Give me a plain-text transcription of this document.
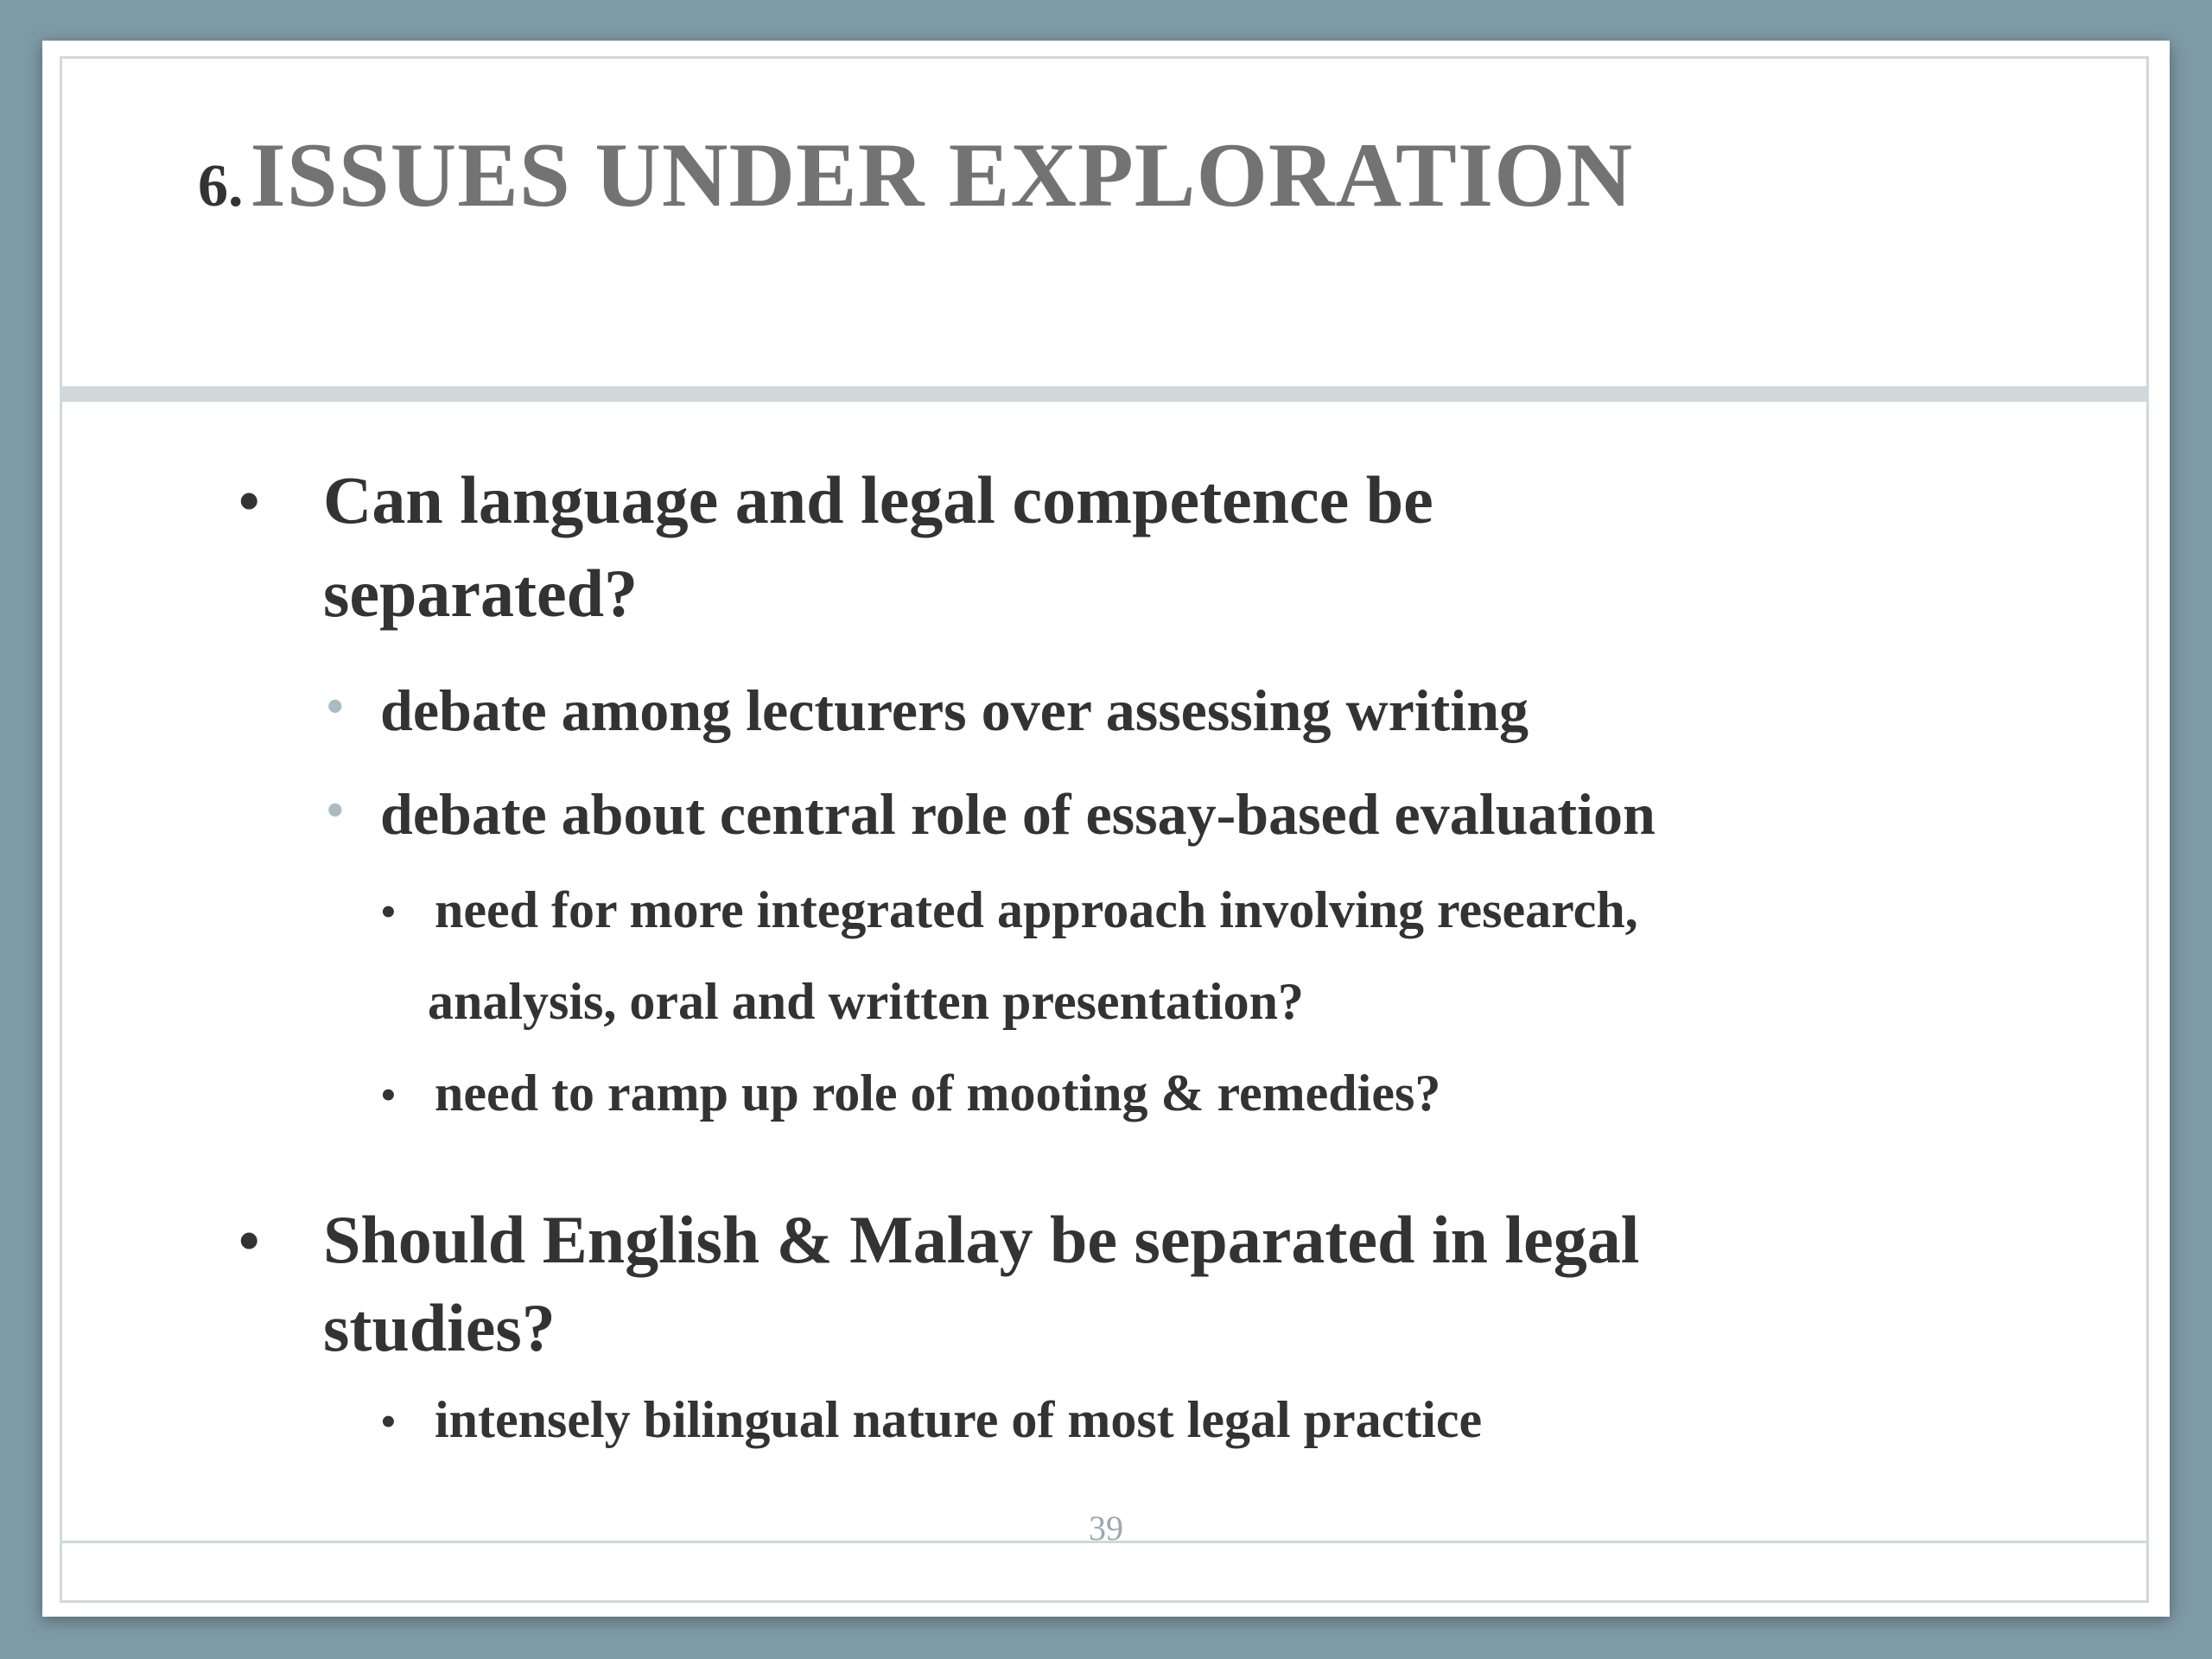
6. ISSUES UNDER EXPLORATION
• Can language and legal competence be
separated?
• debate among lecturers over assessing writing
• debate about central role of essay-based evaluation
• need for more integrated approach involving research,
analysis, oral and written presentation?
• need to ramp up role of mooting & remedies?
• Should English & Malay be separated in legal
studies?
• intensely bilingual nature of most legal practice
39
